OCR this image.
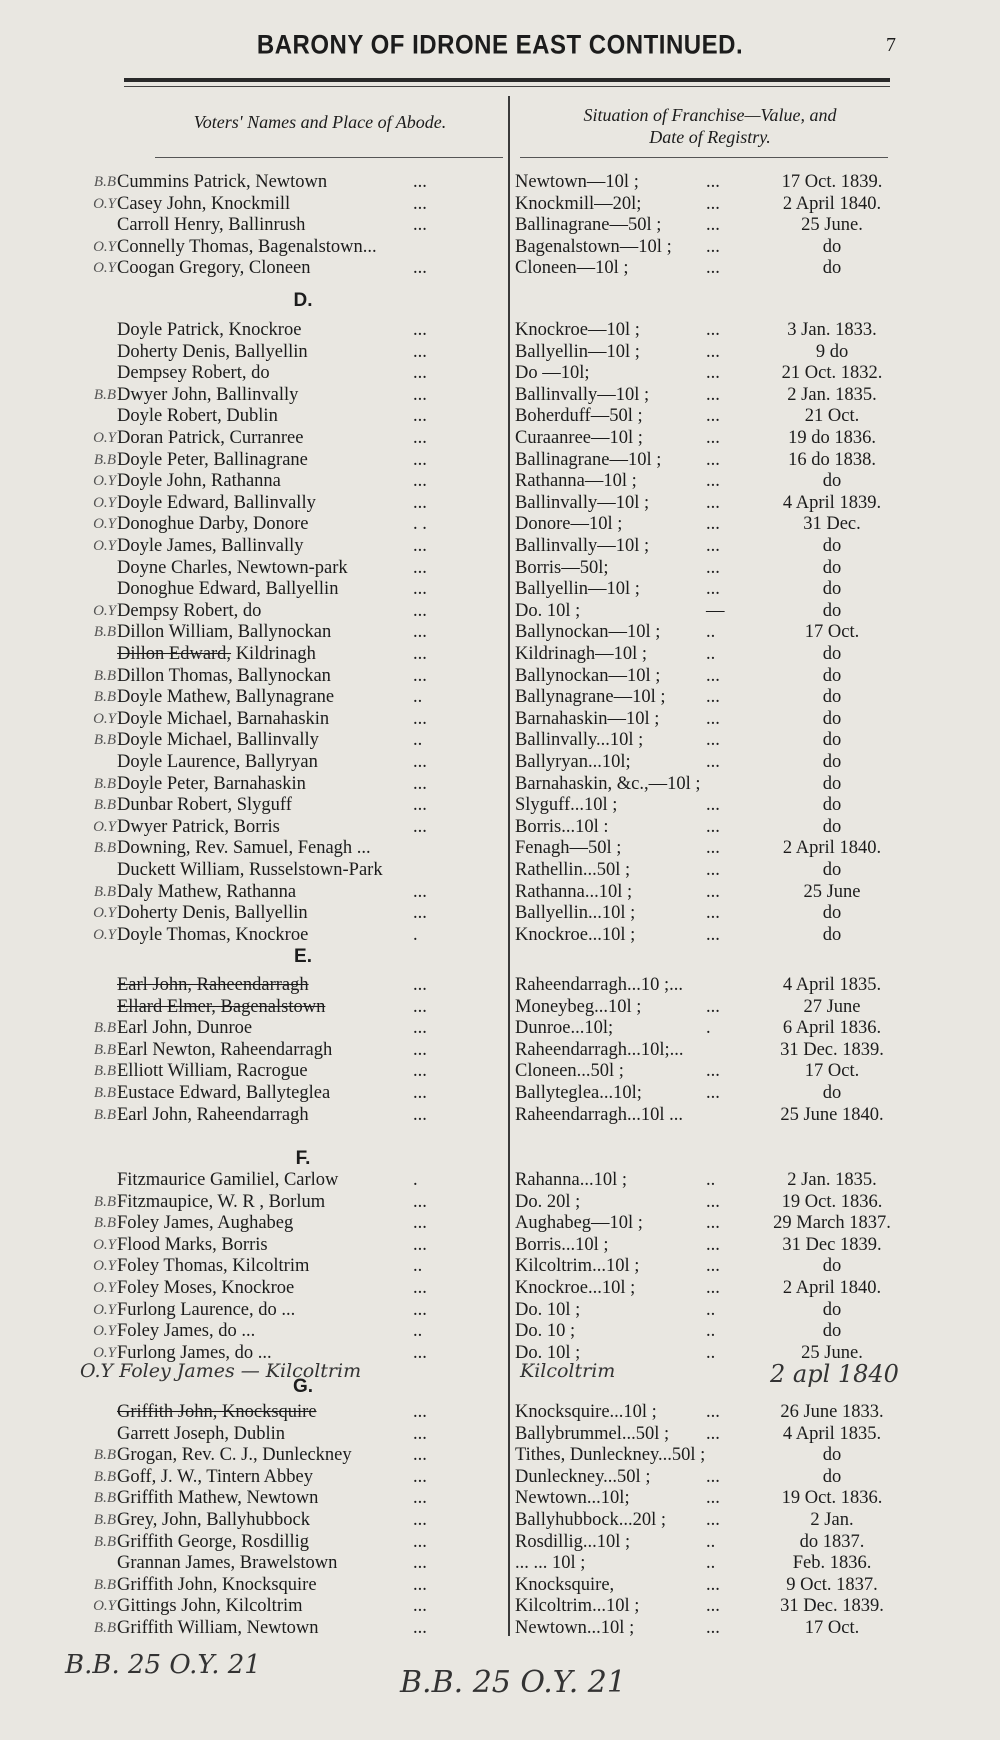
BARONY OF IDRONE EAST CONTINUED.	7
Voters' Names and Place of Abode.	Situation of Franchise—Value, and
Date of Registry.
D.
E.
F.
G.
B.B Cummins Patrick, Newtown	...	Newtown—10l ;	...	17 Oct. 1839.
O.Y Casey John, Knockmill	...	Knockmill—20l;	...	2 April 1840.
Carroll Henry, Ballinrush	...	Ballinagrane—50l ; ...	25 June.
O.Y Connelly Thomas, Bagenalstown...	Bagenalstown—10l ; ...	do
O.Y Coogan Gregory, Cloneen	...	Cloneen—10l ;	...	do
Doyle Patrick, Knockroe	...	Knockroe—10l ;	...	3 Jan. 1833.
Doherty Denis, Ballyellin	...	Ballyellin—10l ;	...	9 do
Dempsey Robert, do	...	Do —10l;	...	21 Oct. 1832.
B.B Dwyer John, Ballinvally	...	Ballinvally—10l ;	...	2 Jan. 1835.
Doyle Robert, Dublin	...	Boherduff—50l ;	...	21 Oct.
O.Y Doran Patrick, Curranree	...	Curaanree—10l ;	...	19 do 1836.
B.B Doyle Peter, Ballinagrane	...	Ballinagrane—10l ; ...	16 do 1838.
O.Y Doyle John, Rathanna	...	Rathanna—10l ;	...	do
O.Y Doyle Edward, Ballinvally	...	Ballinvally—10l ;	...	4 April 1839.
O.Y Donoghue Darby, Donore	. .	Donore—10l ;	...	31 Dec.
O.Y Doyle James, Ballinvally	...	Ballinvally—10l ;	...	do
Doyne Charles, Newtown-park	...	Borris—50l;	...	do
Donoghue Edward, Ballyellin	...	Ballyellin—10l ;	...	do
O.Y Dempsy Robert, do	...	Do. 10l ;	—	do
B.B Dillon William, Ballynockan	...	Ballynockan—10l ; ..	17 Oct.
Dillon Edward, Kildrinagh	...	Kildrinagh—10l ;	..	do
B.B Dillon Thomas, Ballynockan	...	Ballynockan—10l ; ...	do
B.B Doyle Mathew, Ballynagrane	..	Ballynagrane—10l ; ...	do
O.Y Doyle Michael, Barnahaskin	...	Barnahaskin—10l ;	...	do
B.B Doyle Michael, Ballinvally	..	Ballinvally...10l ;	...	do
Doyle Laurence, Ballyryan	...	Ballyryan...10l;	...	do
B.B Doyle Peter, Barnahaskin	...	Barnahaskin, &c.,—10l ;	do
B.B Dunbar Robert, Slyguff	...	Slyguff...10l ;	...	do
O.Y Dwyer Patrick, Borris	...	Borris...10l :	...	do
B.B Downing, Rev. Samuel, Fenagh ...	Fenagh—50l ;	...	2 April 1840.
Duckett William, Russelstown-Park	Rathellin...50l ;	...	do
B.B Daly Mathew, Rathanna	...	Rathanna...10l ;	...	25 June
O.Y Doherty Denis, Ballyellin	...	Ballyellin...10l ;	...	do
O.Y Doyle Thomas, Knockroe	.	Knockroe...10l ;	...	do
Earl John, Raheendarragh	...	Raheendarragh...10 ;...	4 April 1835.
Ellard Elmer, Bagenalstown	...	Moneybeg...10l ;	...	27 June
B.B Earl John, Dunroe	...	Dunroe...10l;	.	6 April 1836.
B.B Earl Newton, Raheendarragh	...	Raheendarragh...10l;...	31 Dec. 1839.
B.B Elliott William, Racrogue	...	Cloneen...50l ;	...	17 Oct.
B.B Eustace Edward, Ballyteglea	...	Ballyteglea...10l;	...	do
B.B Earl John, Raheendarragh	...	Raheendarragh...10l ...	25 June 1840.
Fitzmaurice Gamiliel, Carlow	.	Rahanna...10l ;	..	2 Jan. 1835.
B.B Fitzmaupice, W. R , Borlum	...	Do. 20l ;	...	19 Oct. 1836.
B.B Foley James, Aughabeg	...	Aughabeg—10l ;	...	29 March 1837.
O.Y Flood Marks, Borris	...	Borris...10l ;	...	31 Dec 1839.
O.Y Foley Thomas, Kilcoltrim	..	Kilcoltrim...10l ;	...	do
O.Y Foley Moses, Knockroe	...	Knockroe...10l ;	...	2 April 1840.
O.Y Furlong Laurence, do ...	...	Do. 10l ;	..	do
O.Y Foley James, do ...	..	Do. 10 ;	..	do
O.Y Furlong James, do ...	...	Do. 10l ;	..	25 June.
Griffith John, Knocksquire	...	Knocksquire...10l ;	...	26 June 1833.
Garrett Joseph, Dublin	...	Ballybrummel...50l ; ...	4 April 1835.
B.B Grogan, Rev. C. J., Dunleckney	...	Tithes, Dunleckney...50l ;	do
B.B Goff, J. W., Tintern Abbey	...	Dunleckney...50l ;	...	do
B.B Griffith Mathew, Newtown	...	Newtown...10l;	...	19 Oct. 1836.
B.B Grey, John, Ballyhubbock	...	Ballyhubbock...20l ; ...	2 Jan.
B.B Griffith George, Rosdillig	...	Rosdillig...10l ;	..	do 1837.
Grannan James, Brawelstown	...	... ... 10l ;	..	Feb. 1836.
B.B Griffith John, Knocksquire	...	Knocksquire,	...	9 Oct. 1837.
O.Y Gittings John, Kilcoltrim	...	Kilcoltrim...10l ;	...	31 Dec. 1839.
B.B Griffith William, Newtown	...	Newtown...10l ;	...	17 Oct.
O.Y Foley James — Kilcoltrim	Kilcoltrim	2 apl 1840
B.B. 25 O.Y. 21	B.B. 25 O.Y. 21
